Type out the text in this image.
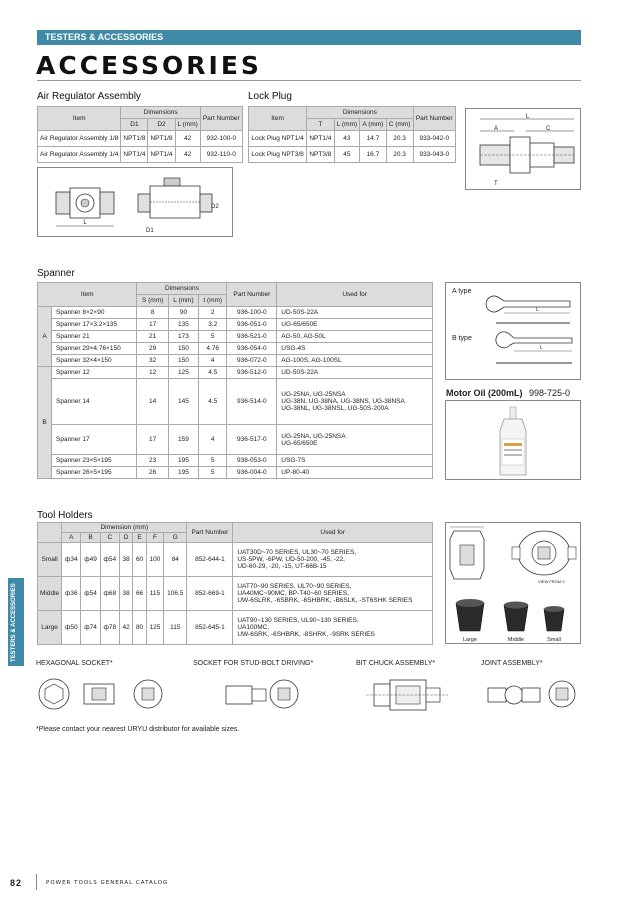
TESTERS & ACCESSORIES
ACCESSORIES
Air Regulator Assembly
Item	Dimensions			Part Number
	D1	D2	L (mm)	
Air Regulator Assembly 1/8	NPT1/8	NPT1/8	42	932-100-0
Air Regulator Assembly 1/4	NPT1/4	NPT1/4	42	932-110-0
L
D2
D1
Lock Plug
Item	Dimensions				Part Number
	T	L (mm)	A (mm)	C (mm)	
Lock Plug NPT1/4	NPT1/4	43	14.7	20.3	933-042-0
Lock Plug NPT3/8	NPT3/8	45	16.7	20.3	933-043-0
L
A	C
T
Spanner
Item		Dimensions			Part Number	Used for
		S (mm)	L (mm)	t (mm)		
A	Spanner 8×2×90	8	90	2	936-100-0	UD-50S-22A
	Spanner 17×3.2×135	17	135	3.2	936-051-0	UG-65/650E
	Spanner 21	21	173	5	936-521-0	AG-50, AG-50L
	Spanner 29×4.76×150	29	150	4.76	936-054-0	USG-4S
	Spanner 32×4×150	32	150	4	936-072-0	AG-100S, AG-100SL
B	Spanner 12	12	125	4.5	936-512-0	UD-50S-22A
	Spanner 14	14	145	4.5	936-514-0	UG-25NA, UG-25NSA
UG-38N, UG-38NA, UG-38NS, UG-38NSA
UG-38NL, UG-38NSL, UG-50S-200A

	Spanner 17	17	159	4	936-517-0	UG-25NA, UG-25NSA
UG-65/650E

	Spanner 23×5×195	23	195	5	938-053-0	USG-7S
	Spanner 26×5×195	26	195	5	936-004-0	UP-80-40
A type
L
B type
L
Motor Oil (200mL) 998-725-0
Tool Holders
	Dimension (mm)							Part Number	Used for
	A	B	C	D	E	F	G		
Small	ф34	ф49	ф54	38	60	100	84	852-644-1	UAT30D~70 SERIES, UL30~70 SERIES,
US-5PW, -6PW, UD-50-200, -45, -22,
UD-60-29, -20, -15, UT-66B-15

Middle	ф36	ф54	ф68	38	66	115	106.5	852-669-1	UAT70~90 SERIES, UL70~90 SERIES,
UA40MC~90MC, BP-T40~60 SERIES,
UW-6SLRK, -6SBRK, -6SHBRK, -B6SLK, -ST6SHK SERIES

Large	ф50	ф74	ф78	42	80	125	115	852-645-1	UAT90~130 SERIES, UL90~130 SERIES,
UA100MC,
UW-6SRK, -6SHBRK, -8SHRK, -9SRK SERIES
VIEW FROM C
Large	Middle	Small
TESTERS & ACCESSORIES
HEXAGONAL SOCKET*	SOCKET FOR STUD-BOLT DRIVING*	BIT CHUCK ASSEMBLY*	JOINT ASSEMBLY*
*Please contact your nearest URYU distributor for available sizes.
82	POWER TOOLS GENERAL CATALOG
